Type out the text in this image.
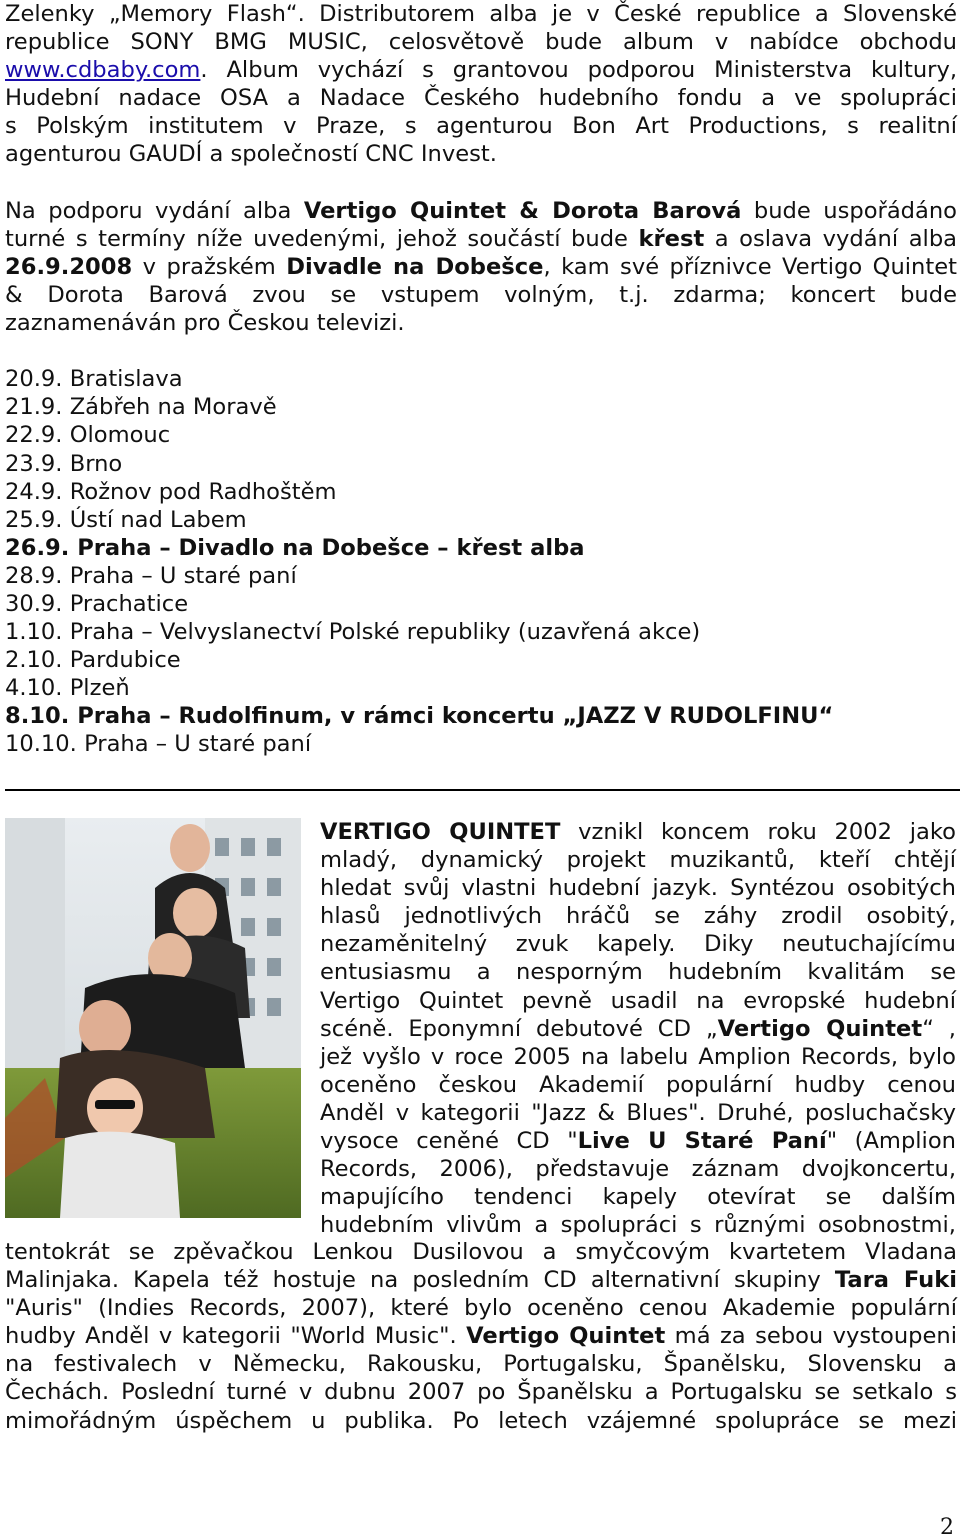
Zelenky „Memory Flash“. Distributorem alba je v České republice a Slovenské
republice SONY BMG MUSIC, celosvětově bude album v nabídce obchodu
www.cdbaby.com. Album vychází s grantovou podporou Ministerstva kultury,
Hudební nadace OSA a Nadace Českého hudebního fondu a ve spolupráci
s Polským institutem v Praze, s agenturou Bon Art Productions, s realitní
agenturou GAUDÍ a společností CNC Invest.
Na podporu vydání alba Vertigo Quintet & Dorota Barová bude uspořádáno
turné s termíny níže uvedenými, jehož součástí bude křest a oslava vydání alba
26.9.2008 v pražském Divadle na Dobešce, kam své příznivce Vertigo Quintet
& Dorota Barová zvou se vstupem volným, t.j. zdarma; koncert bude
zaznamenáván pro Českou televizi.
20.9. Bratislava
21.9. Zábřeh na Moravě
22.9. Olomouc
23.9. Brno
24.9. Rožnov pod Radhoštěm
25.9. Ústí nad Labem
26.9. Praha – Divadlo na Dobešce – křest alba
28.9. Praha – U staré paní
30.9. Prachatice
1.10. Praha – Velvyslanectví Polské republiky (uzavřená akce)
2.10. Pardubice
4.10. Plzeň
8.10. Praha – Rudolfinum, v rámci koncertu „JAZZ V RUDOLFINU“
10.10. Praha – U staré paní
VERTIGO QUINTET vznikl koncem roku 2002 jako
mladý, dynamický projekt muzikantů, kteří chtějí
hledat svůj vlastni hudební jazyk. Syntézou osobitých
hlasů jednotlivých hráčů se záhy zrodil osobitý,
nezaměnitelný zvuk kapely. Diky neutuchajícímu
entusiasmu a nesporným hudebním kvalitám se
Vertigo Quintet pevně usadil na evropské hudební
scéně. Eponymní debutové CD „Vertigo Quintet“ ,
jež vyšlo v roce 2005 na labelu Amplion Records, bylo
oceněno českou Akademií populární hudby cenou
Anděl v kategorii "Jazz & Blues". Druhé, posluchačsky
vysoce ceněné CD "Live U Staré Paní" (Amplion
Records, 2006), představuje záznam dvojkoncertu,
mapujícího tendenci kapely otevírat se dalším
hudebním vlivům a spolupráci s různými osobnostmi,
tentokrát se zpěvačkou Lenkou Dusilovou a smyčcovým kvartetem Vladana
Malinjaka. Kapela též hostuje na posledním CD alternativní skupiny Tara Fuki
"Auris" (Indies Records, 2007), které bylo oceněno cenou Akademie populární
hudby Anděl v kategorii "World Music". Vertigo Quintet má za sebou vystoupeni
na festivalech v Německu, Rakousku, Portugalsku, Španělsku, Slovensku a
Čechách. Poslední turné v dubnu 2007 po Španělsku a Portugalsku se setkalo s
mimořádným úspěchem u publika. Po letech vzájemné spolupráce se mezi
2
